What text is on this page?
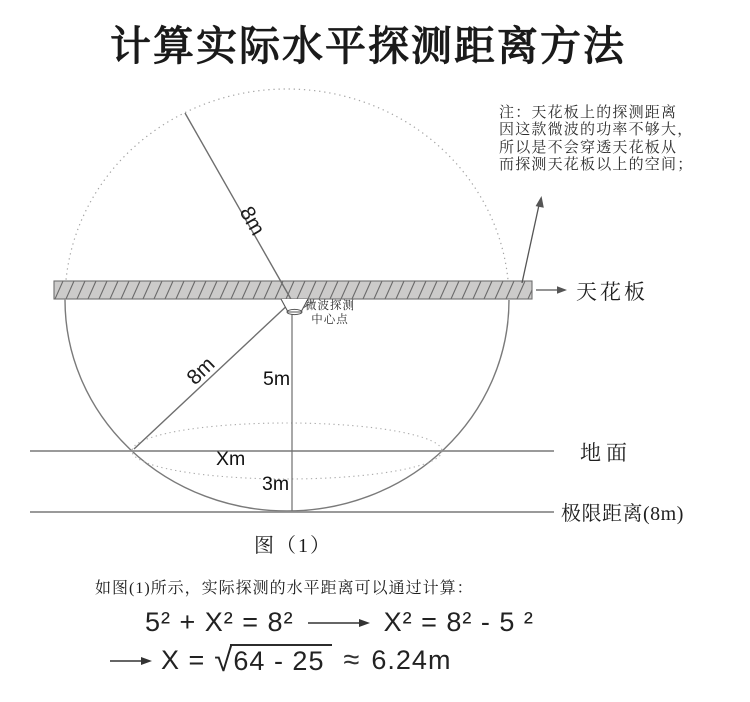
计算实际水平探测距离方法
8m
8m
注：天花板上的探测距离
因这款微波的功率不够大，
所以是不会穿透天花板从
而探测天花板以上的空间；
天花板
地面
极限距离(8m)
微波探测
中心点
5m
Xm
3m
图（1）
如图(1)所示，实际探测的水平距离可以通过计算：
5² + X² = 8²	X² = 8² - 5 ²
X = √ 64 - 25 ≈ 6.24m
